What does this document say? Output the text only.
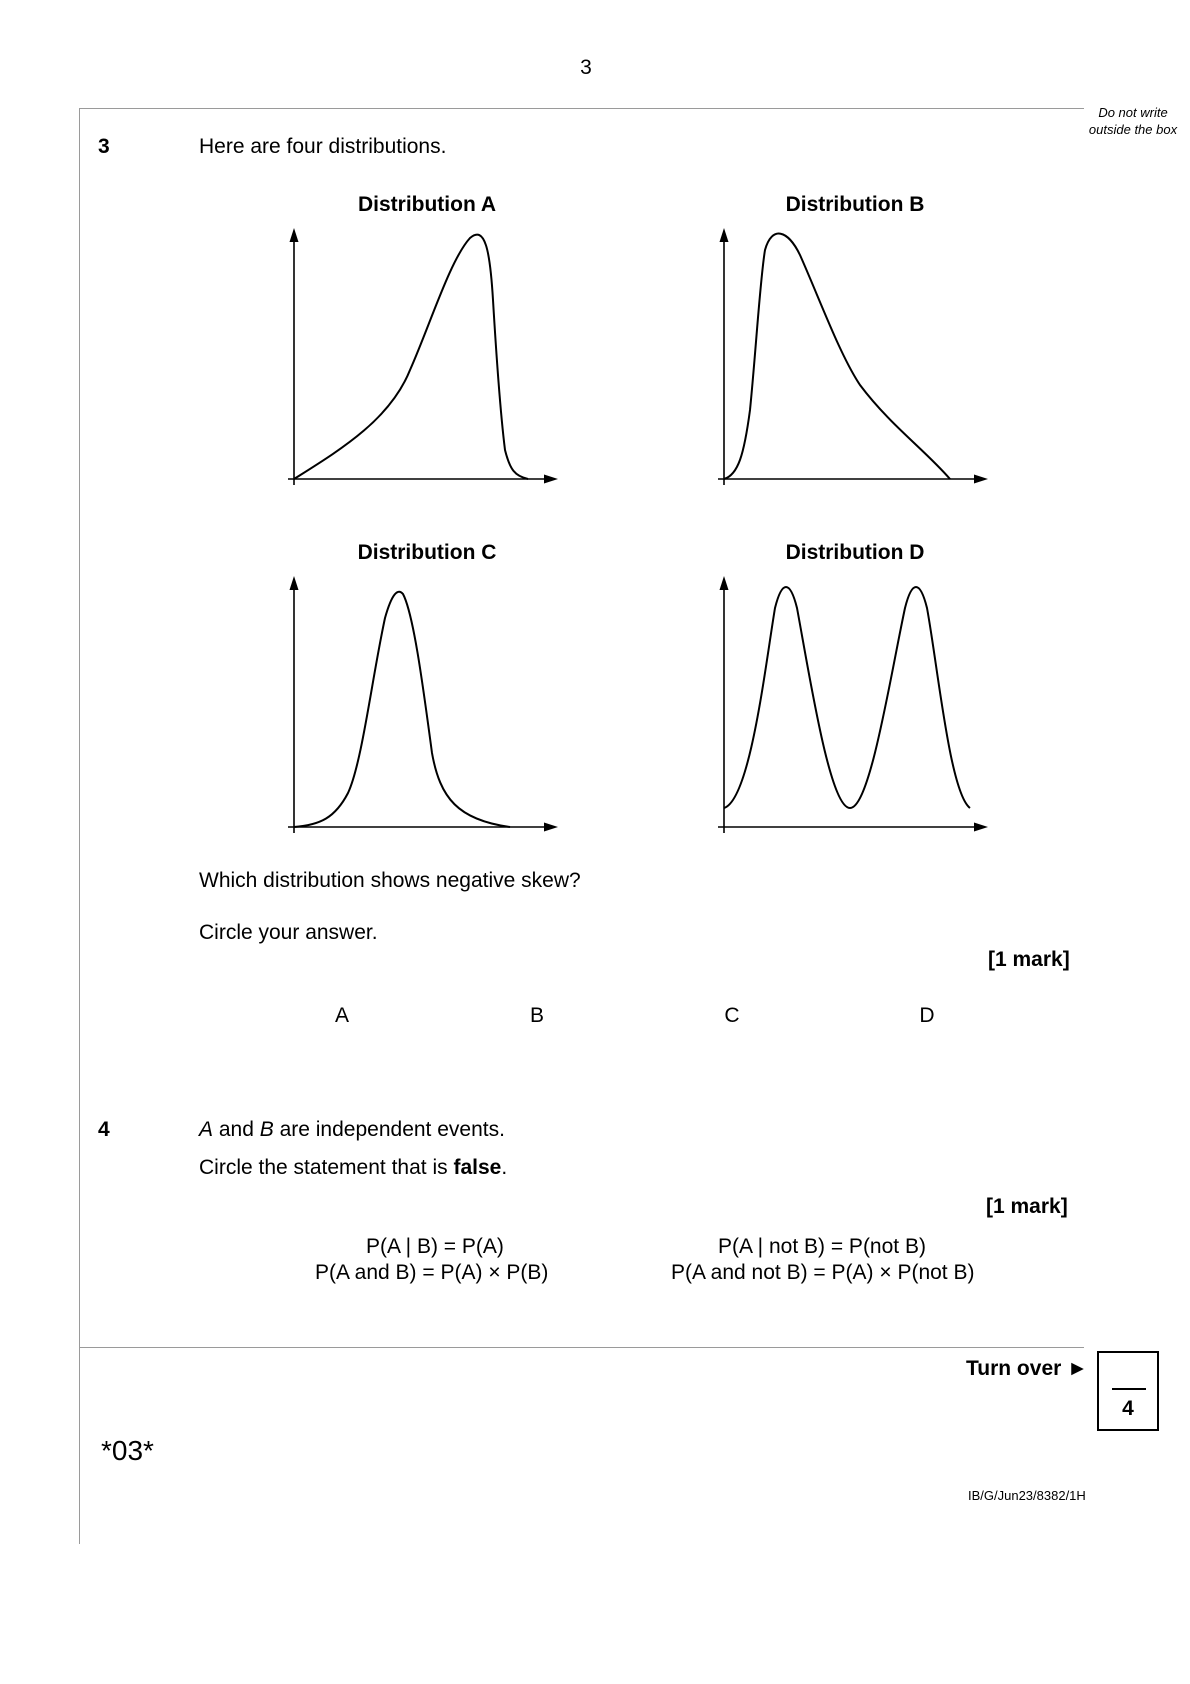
3
Do not write outside the box
3	Here are four distributions.
Distribution A	Distribution B
Distribution C	Distribution D
Which distribution shows negative skew?
Circle your answer.
[1 mark]
A	B	C	D
4	A and B are independent events.
Circle the statement that is false.
[1 mark]
P(A | B) = P(A)	P(A | not B) = P(not B)
P(A and B) = P(A) × P(B)	P(A and not B) = P(A) × P(not B)
Turn over ►
4
*03*
IB/G/Jun23/8382/1H
